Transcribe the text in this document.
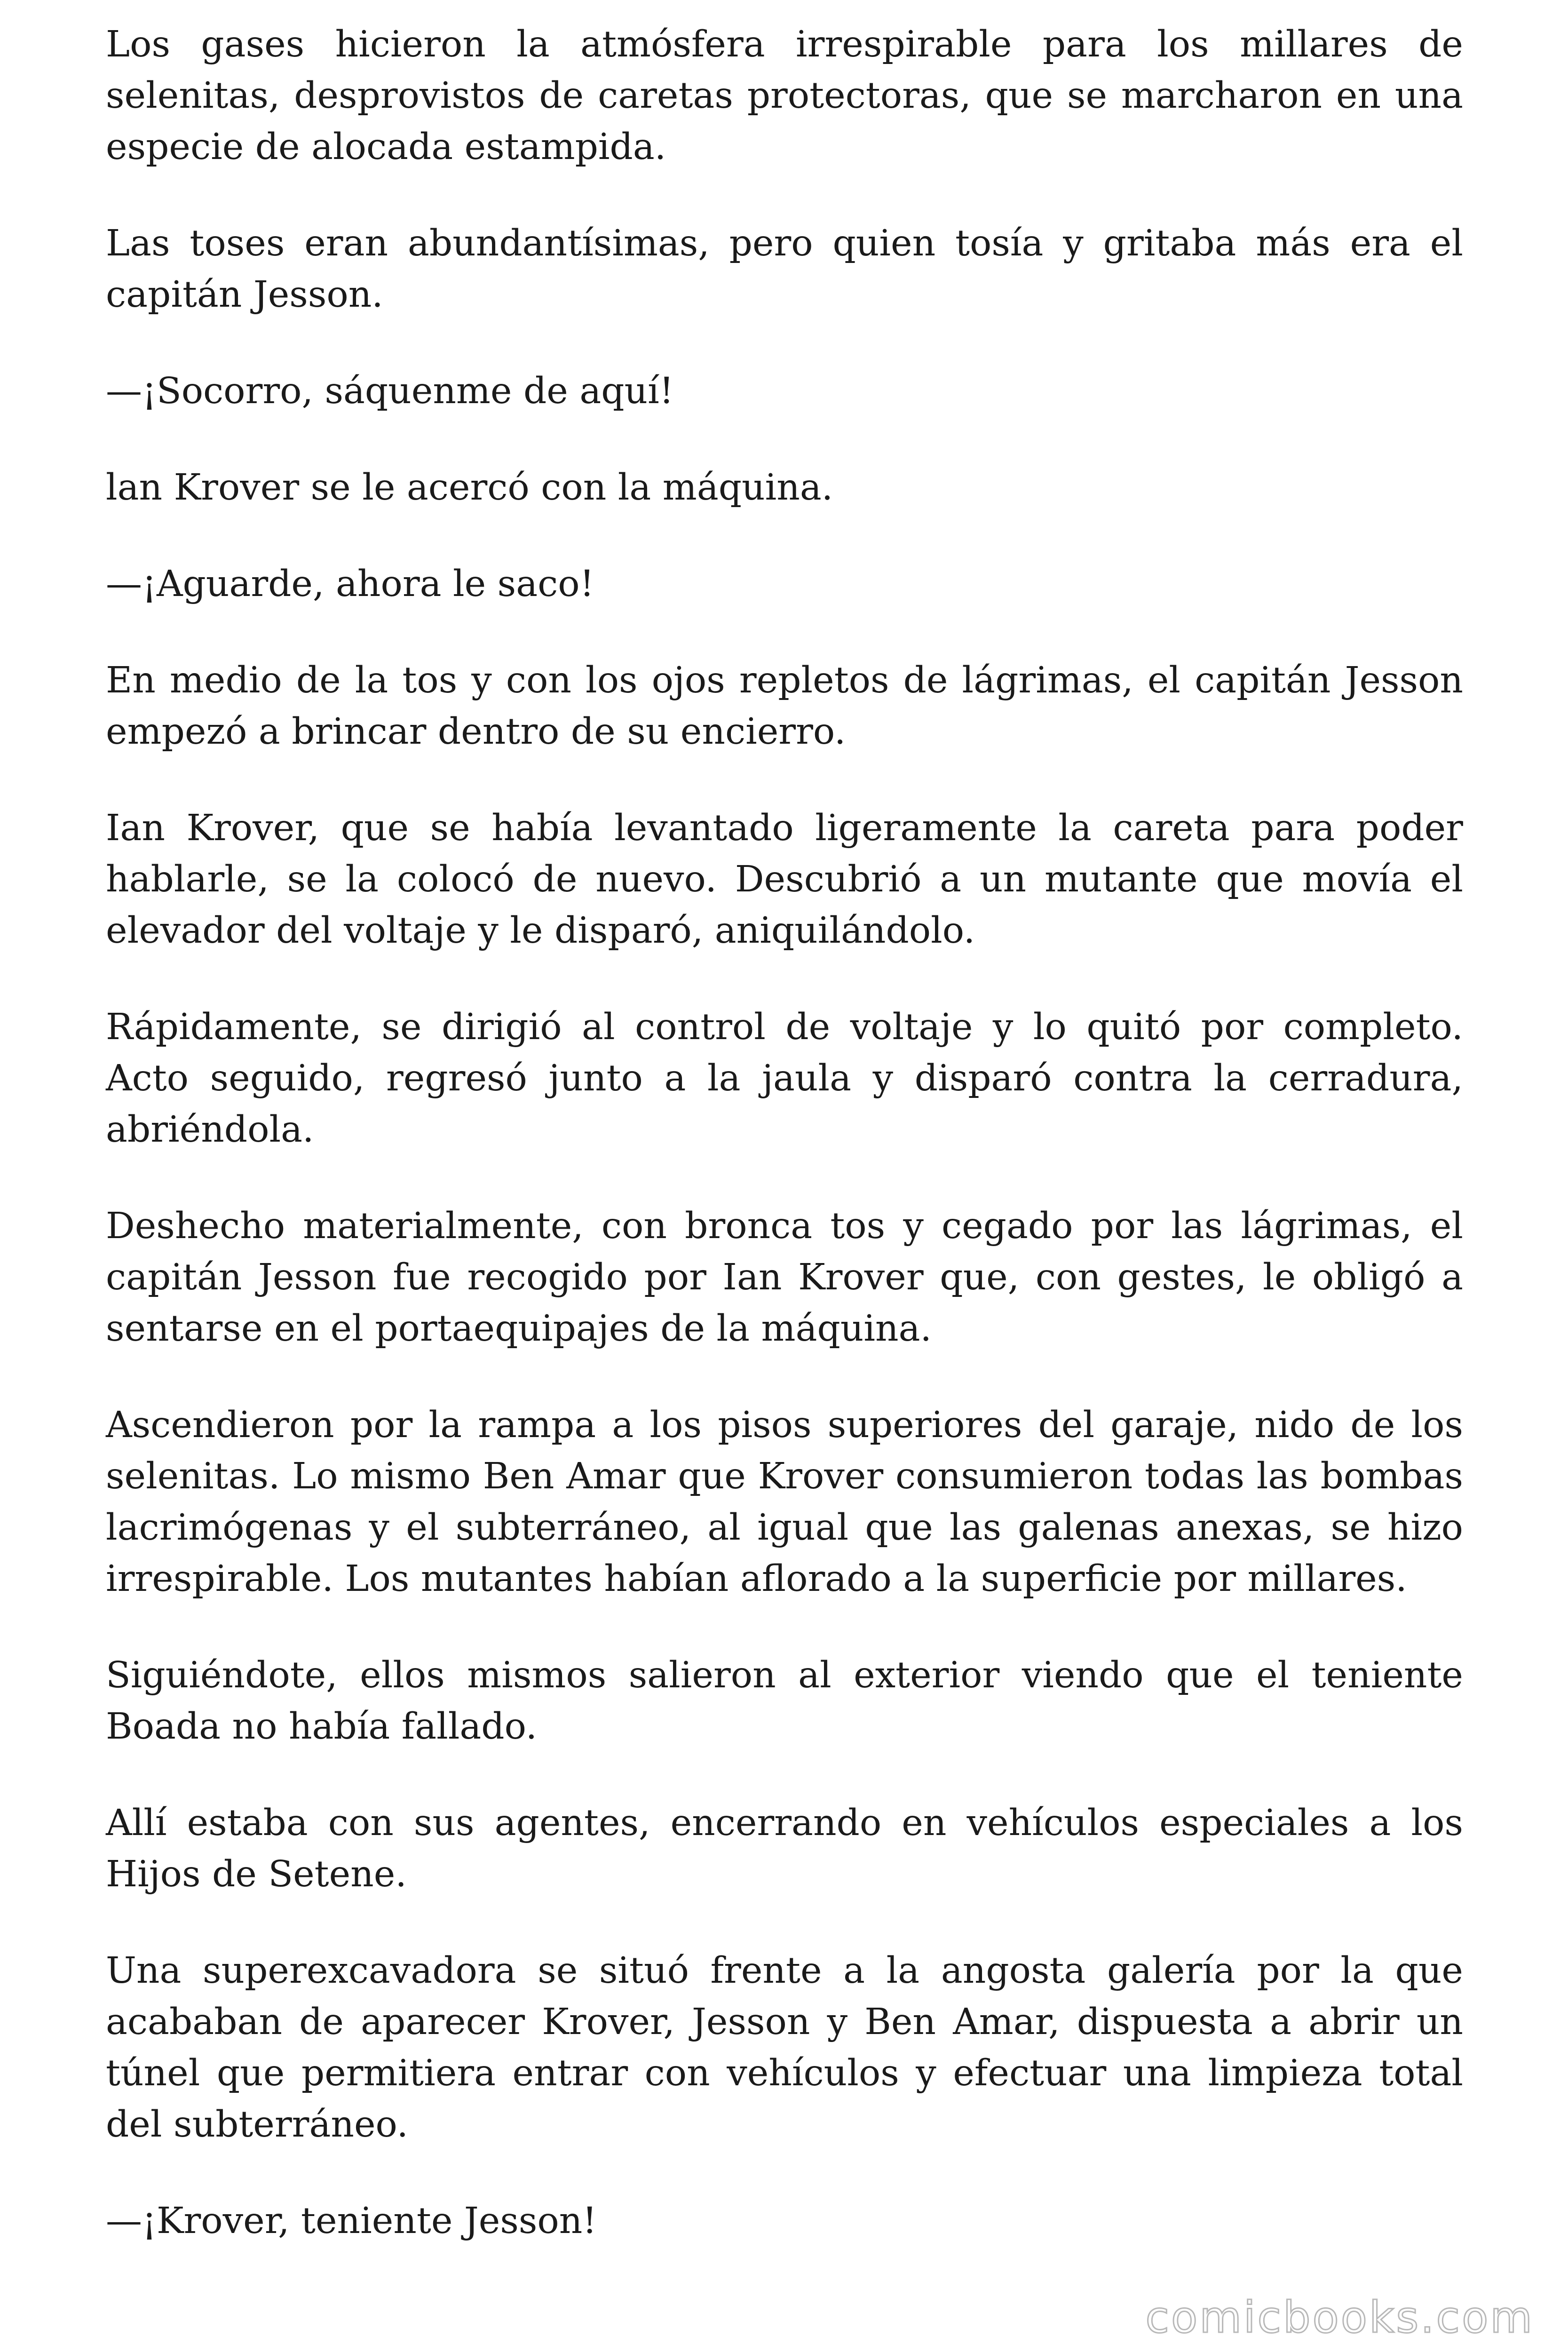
Los gases hicieron la atmósfera irrespirable para los millares de selenitas, desprovistos de caretas protectoras, que se marcharon en una especie de alocada estampida.

Las toses eran abundantísimas, pero quien tosía y gritaba más era el capitán Jesson.

—¡Socorro, sáquenme de aquí!

lan Krover se le acercó con la máquina.

—¡Aguarde, ahora le saco!

En medio de la tos y con los ojos repletos de lágrimas, el capitán Jesson empezó a brincar dentro de su encierro.

Ian Krover, que se había levantado ligeramente la careta para poder hablarle, se la colocó de nuevo. Descubrió a un mutante que movía el elevador del voltaje y le disparó, aniquilándolo.

Rápidamente, se dirigió al control de voltaje y lo quitó por completo. Acto seguido, regresó junto a la jaula y disparó contra la cerradura, abriéndola.

Deshecho materialmente, con bronca tos y cegado por las lágrimas, el capitán Jesson fue recogido por Ian Krover que, con gestes, le obligó a sentarse en el portaequipajes de la máquina.

Ascendieron por la rampa a los pisos superiores del garaje, nido de los selenitas. Lo mismo Ben Amar que Krover consumieron todas las bombas lacrimógenas y el subterráneo, al igual que las galenas anexas, se hizo irrespirable. Los mutantes habían aflorado a la superficie por millares.

Siguiéndote, ellos mismos salieron al exterior viendo que el teniente Boada no había fallado.

Allí estaba con sus agentes, encerrando en vehículos especiales a los Hijos de Setene.

Una superexcavadora se situó frente a la angosta galería por la que acababan de aparecer Krover, Jesson y Ben Amar, dispuesta a abrir un túnel que permitiera entrar con vehículos y efectuar una limpieza total del subterráneo.

—¡Krover, teniente Jesson!

comicbooks.com
